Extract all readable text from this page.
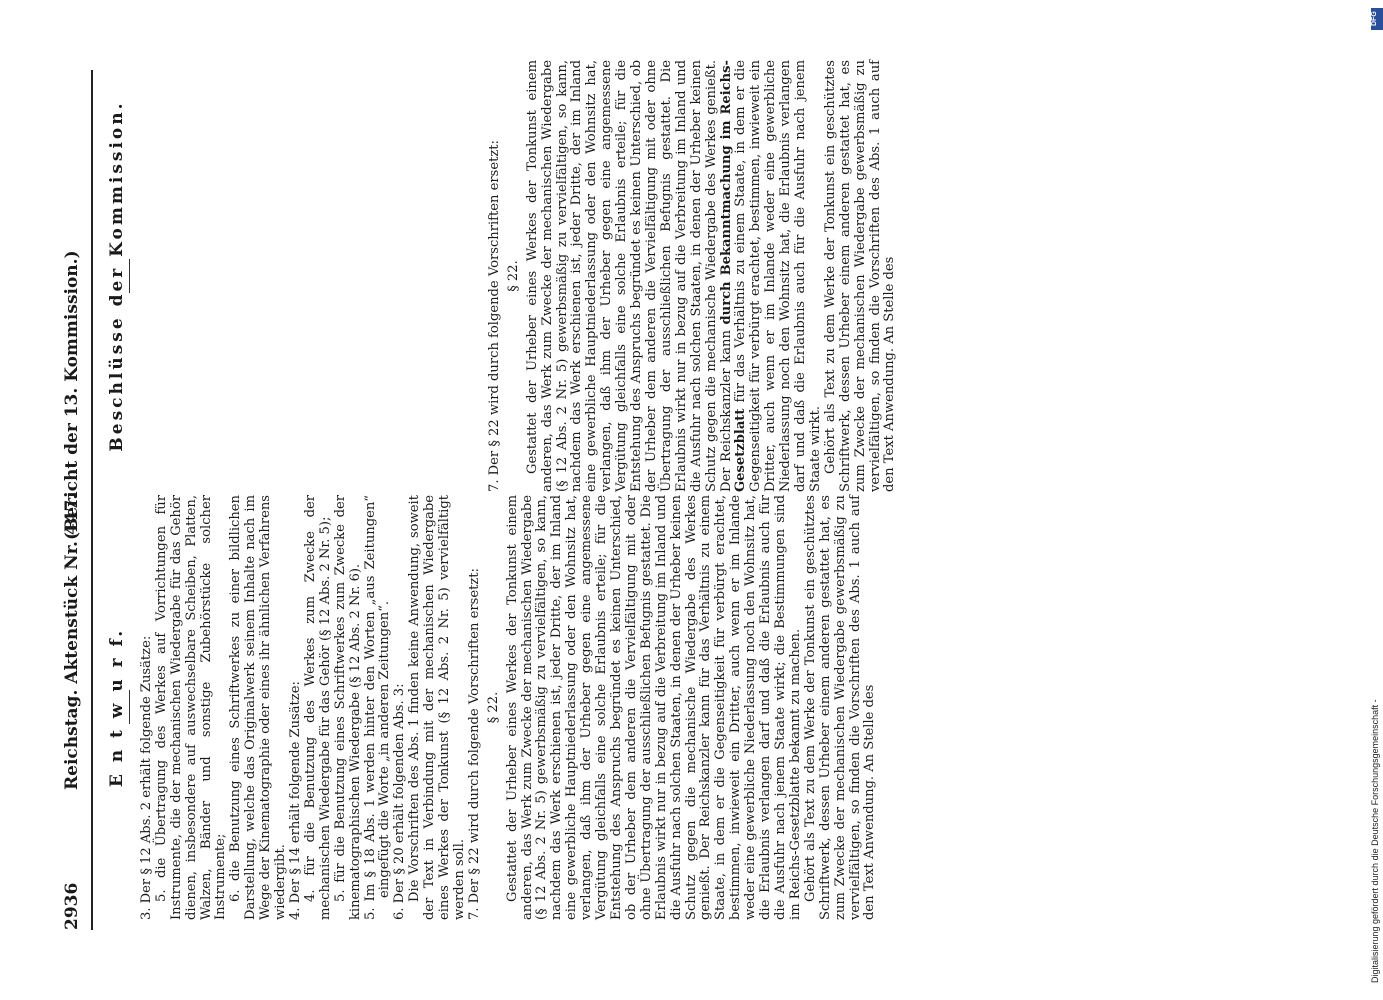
2936
Reichstag. Aktenstück Nr. 447.
(Bericht der 13. Kommission.)
E n t w u r f. 3. Der § 12 Abs. 2 erhält folgende Zusätze: 5. die Übertragung des Werkes auf Vorrichtungen für Instrumente, die der mechanischen Wiedergabe für das Gehör dienen, insbesondere auf auswechselbare Scheiben, Platten, Walzen, Bänder und sonstige Zubehörstücke solcher Instrumente; 6. die Benutzung eines Schriftwerkes zu einer bildlichen Darstellung, welche das Originalwerk seinem Inhalte nach im Wege der Kinematographie oder eines ihr ähnlichen Verfahrens wiedergibt. 4. Der § 14 erhält folgende Zusätze: 4. für die Benutzung des Werkes zum Zwecke der mechanischen Wiedergabe für das Gehör (§ 12 Abs. 2 Nr. 5); 5. für die Benutzung eines Schriftwerkes zum Zwecke der kinematographischen Wiedergabe (§ 12 Abs. 2 Nr. 6). 5. Im § 18 Abs. 1 werden hinter den Worten „aus Zeitungen“ eingefügt die Worte „in anderen Zeitungen“. 6. Der § 20 erhält folgenden Abs. 3: Die Vorschriften des Abs. 1 finden keine Anwendung, soweit der Text in Verbindung mit der mechanischen Wiedergabe eines Werkes der Tonkunst (§ 12 Abs. 2 Nr. 5) vervielfältigt werden soll. 7. Der § 22 wird durch folgende Vorschriften ersetzt: § 22. Gestattet der Urheber eines Werkes der Tonkunst einem anderen, das Werk zum Zwecke der mechanischen Wiedergabe (§ 12 Abs. 2 Nr. 5) gewerbsmäßig zu vervielfältigen, so kann, nachdem das Werk erschienen ist, jeder Dritte, der im Inland eine gewerbliche Hauptniederlassung oder den Wohnsitz hat, verlangen, daß ihm der Urheber gegen eine angemessene Vergütung gleichfalls eine solche Erlaubnis erteile; für die Entstehung des Anspruchs begründet es keinen Unterschied, ob der Urheber dem anderen die Vervielfältigung mit oder ohne Übertragung der ausschließlichen Befugnis gestattet. Die Erlaubnis wirkt nur in bezug auf die Verbreitung im Inland und die Ausfuhr nach solchen Staaten, in denen der Urheber keinen Schutz gegen die mechanische Wiedergabe des Werkes genießt. Der Reichskanzler kann für das Verhältnis zu einem Staate, in dem er die Gegenseitigkeit für verbürgt erachtet, bestimmen, inwieweit ein Dritter, auch wenn er im Inlande weder eine gewerbliche Niederlassung noch den Wohnsitz hat, die Erlaubnis verlangen darf und daß die Erlaubnis auch für die Ausfuhr nach jenem Staate wirkt; die Bestimmungen sind im Reichs-Gesetzblatte bekannt zu machen. Gehört als Text zu dem Werke der Tonkunst ein geschütztes Schriftwerk, dessen Urheber einem anderen gestattet hat, es zum Zwecke der mechanischen Wiedergabe gewerbsmäßig zu vervielfältigen, so finden die Vorschriften des Abs. 1 auch auf den Text Anwendung. An Stelle des

Beschlüsse der Kommission.	7. Der § 22 wird durch folgende Vorschriften ersetzt: § 22. Gestattet der Urheber eines Werkes der Tonkunst einem anderen, das Werk zum Zwecke der mechanischen Wiedergabe (§ 12 Abs. 2 Nr. 5) gewerbsmäßig zu vervielfältigen, so kann, nachdem das Werk erschienen ist, jeder Dritte, der im Inland eine gewerbliche Hauptniederlassung oder den Wohnsitz hat, verlangen, daß ihm der Urheber gegen eine angemessene Vergütung gleichfalls eine solche Erlaubnis erteile; für die Entstehung des Anspruchs begründet es keinen Unterschied, ob der Urheber dem anderen die Vervielfältigung mit oder ohne Übertragung der ausschließlichen Befugnis gestattet. Die Erlaubnis wirkt nur in bezug auf die Verbreitung im Inland und die Ausfuhr nach solchen Staaten, in denen der Urheber keinen Schutz gegen die mechanische Wiedergabe des Werkes genießt. Der Reichskanzler kann durch Bekanntmachung im Reichs-Gesetzblatt für das Verhältnis zu einem Staate, in dem er die Gegenseitigkeit für verbürgt erachtet, bestimmen, inwieweit ein Dritter, auch wenn er im Inlande weder eine gewerbliche Niederlassung noch den Wohnsitz hat, die Erlaubnis verlangen darf und daß die Erlaubnis auch für die Ausfuhr nach jenem Staate wirkt. Gehört als Text zu dem Werke der Tonkunst ein geschütztes Schriftwerk, dessen Urheber einem anderen gestattet hat, es zum Zwecke der mechanischen Wiedergabe gewerbsmäßig zu vervielfältigen, so finden die Vorschriften des Abs. 1 auch auf den Text Anwendung. An Stelle des

Digitalisierung gefördert durch die Deutsche Forschungsgemeinschaft -
DFG
